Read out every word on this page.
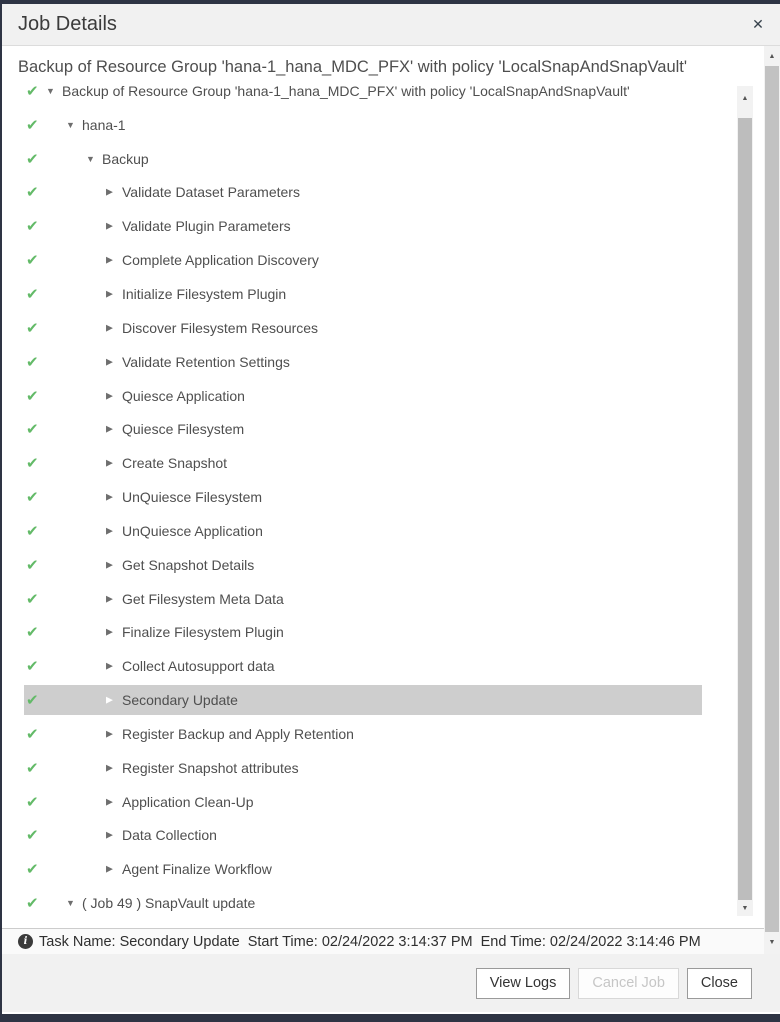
Job Details	✕
Backup of Resource Group 'hana-1_hana_MDC_PFX' with policy 'LocalSnapAndSnapVault'
✔ ▼ Backup of Resource Group 'hana-1_hana_MDC_PFX' with policy 'LocalSnapAndSnapVault'
✔	▼ hana-1
✔	▼ Backup
✔	▶ Validate Dataset Parameters
✔	▶ Validate Plugin Parameters
✔	▶ Complete Application Discovery
✔	▶ Initialize Filesystem Plugin
✔	▶ Discover Filesystem Resources
✔	▶ Validate Retention Settings
✔	▶ Quiesce Application
✔	▶ Quiesce Filesystem
✔	▶ Create Snapshot
✔	▶ UnQuiesce Filesystem
✔	▶ UnQuiesce Application
✔	▶ Get Snapshot Details
✔	▶ Get Filesystem Meta Data
✔	▶ Finalize Filesystem Plugin
✔	▶ Collect Autosupport data
✔	▶ Secondary Update
✔	▶ Register Backup and Apply Retention
✔	▶ Register Snapshot attributes
✔	▶ Application Clean-Up
✔	▶ Data Collection
✔	▶ Agent Finalize Workflow
✔	▼ ( Job 49 ) SnapVault update
▲
▼
i Task Name: Secondary Update Start Time: 02/24/2022 3:14:37 PM End Time: 02/24/2022 3:14:46 PM
View Logs	Cancel Job	Close
▲
▼
